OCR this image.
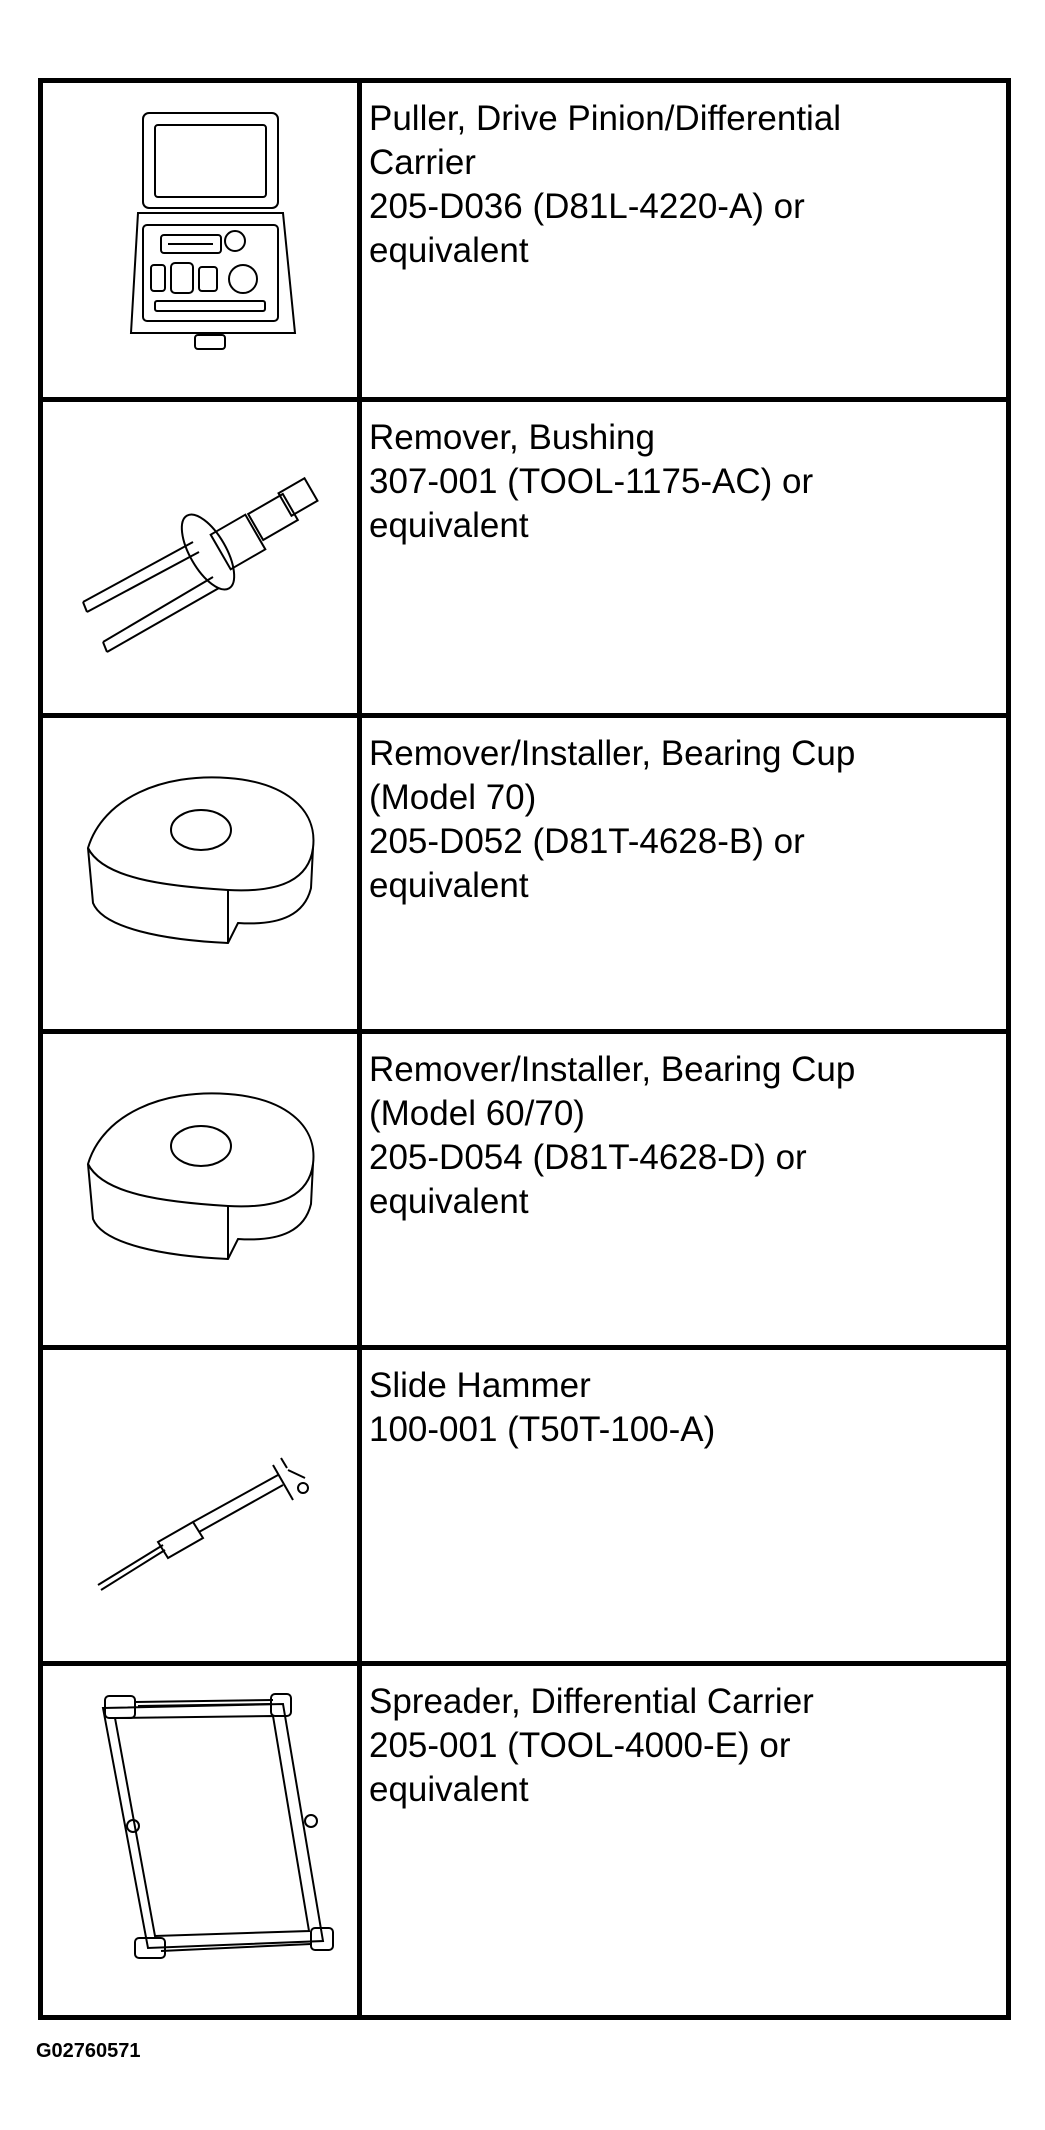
Puller, Drive Pinion/Differential
Carrier
205-D036 (D81L-4220-A) or
equivalent
Remover, Bushing
307-001 (TOOL-1175-AC) or
equivalent
Remover/Installer, Bearing Cup
(Model 70)
205-D052 (D81T-4628-B) or
equivalent
Remover/Installer, Bearing Cup
(Model 60/70)
205-D054 (D81T-4628-D) or
equivalent
Slide Hammer
100-001 (T50T-100-A)
Spreader, Differential Carrier
205-001 (TOOL-4000-E) or
equivalent
G02760571
